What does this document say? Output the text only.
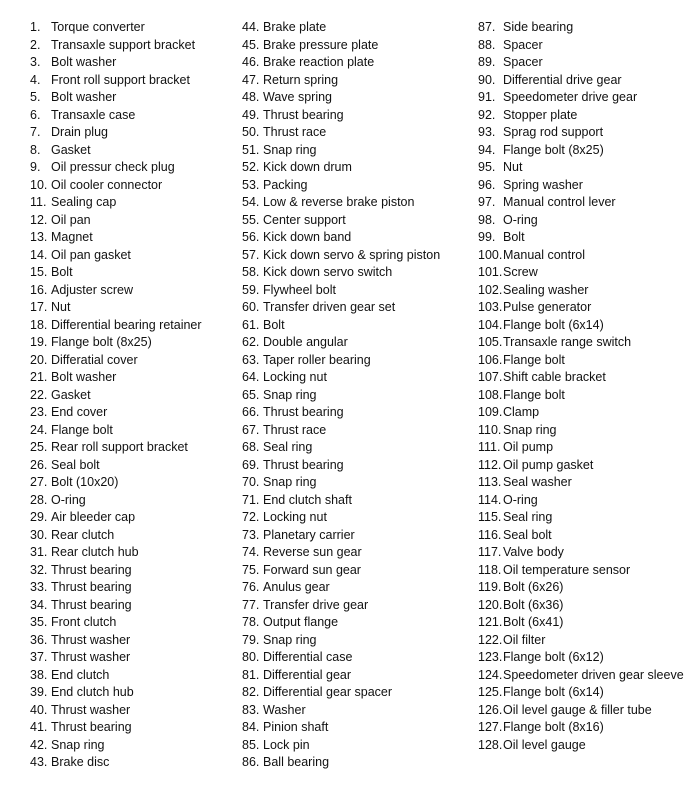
1. Torque converter
2. Transaxle support bracket
3. Bolt washer
4. Front roll support bracket
5. Bolt washer
6. Transaxle case
7. Drain plug
8. Gasket
9. Oil pressur check plug
10. Oil cooler connector
11. Sealing cap
12. Oil pan
13. Magnet
14. Oil pan gasket
15. Bolt
16. Adjuster screw
17. Nut
18. Differential bearing retainer
19. Flange bolt (8x25)
20. Differatial cover
21. Bolt washer
22. Gasket
23. End cover
24. Flange bolt
25. Rear roll support bracket
26. Seal bolt
27. Bolt (10x20)
28. O-ring
29. Air bleeder cap
30. Rear clutch
31. Rear clutch hub
32. Thrust bearing
33. Thrust bearing
34. Thrust bearing
35. Front clutch
36. Thrust washer
37. Thrust washer
38. End clutch
39. End clutch hub
40. Thrust washer
41. Thrust bearing
42. Snap ring
43. Brake disc
44. Brake plate
45. Brake pressure plate
46. Brake reaction plate
47. Return spring
48. Wave spring
49. Thrust bearing
50. Thrust race
51. Snap ring
52. Kick down drum
53. Packing
54. Low & reverse brake piston
55. Center support
56. Kick down band
57. Kick down servo & spring piston
58. Kick down servo switch
59. Flywheel bolt
60. Transfer driven gear set
61. Bolt
62. Double angular
63. Taper roller bearing
64. Locking nut
65. Snap ring
66. Thrust bearing
67. Thrust race
68. Seal ring
69. Thrust bearing
70. Snap ring
71. End clutch shaft
72. Locking nut
73. Planetary carrier
74. Reverse sun gear
75. Forward sun gear
76. Anulus gear
77. Transfer drive gear
78. Output flange
79. Snap ring
80. Differential case
81. Differential gear
82. Differential gear spacer
83. Washer
84. Pinion shaft
85. Lock pin
86. Ball bearing
87. Side bearing
88. Spacer
89. Spacer
90. Differential drive gear
91. Speedometer drive gear
92. Stopper plate
93. Sprag rod support
94. Flange bolt (8x25)
95. Nut
96. Spring washer
97. Manual control lever
98. O-ring
99. Bolt
100. Manual control
101. Screw
102. Sealing washer
103. Pulse generator
104. Flange bolt (6x14)
105. Transaxle range switch
106. Flange bolt
107. Shift cable bracket
108. Flange bolt
109. Clamp
110. Snap ring
111. Oil pump
112. Oil pump gasket
113. Seal washer
114. O-ring
115. Seal ring
116. Seal bolt
117. Valve body
118. Oil temperature sensor
119. Bolt (6x26)
120. Bolt (6x36)
121. Bolt (6x41)
122. Oil filter
123. Flange bolt (6x12)
124. Speedometer driven gear sleeve
125. Flange bolt (6x14)
126. Oil level gauge & filler tube
127. Flange bolt (8x16)
128. Oil level gauge
